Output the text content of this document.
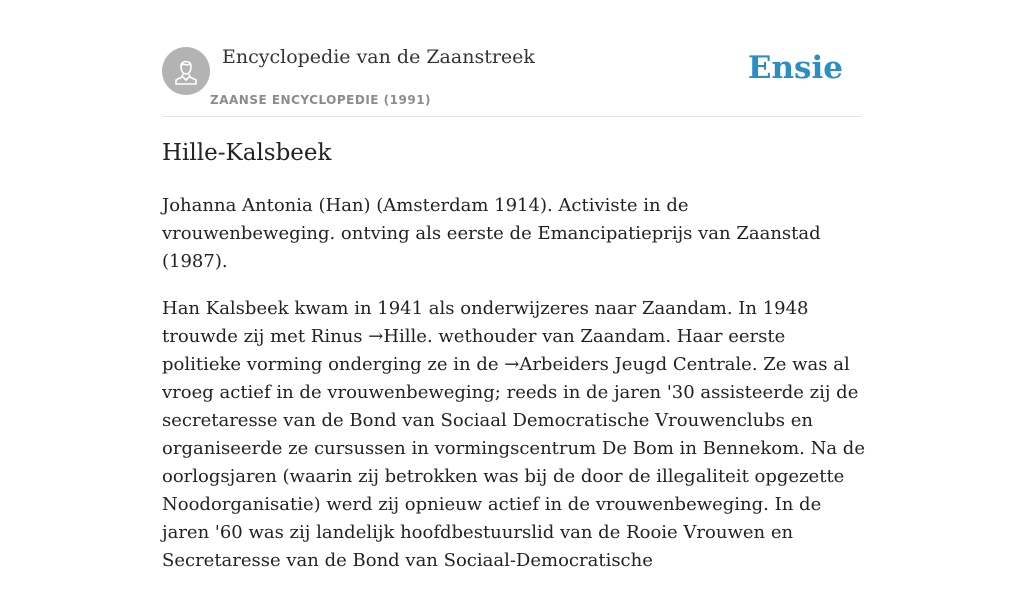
Encyclopedie van de Zaanstreek
ZAANSE ENCYCLOPEDIE (1991)
Ensie
Hille-Kalsbeek

Johanna Antonia (Han) (Amsterdam 1914). Activiste in de vrouwenbeweging. ontving als eerste de Emancipatieprijs van Zaanstad (1987).

Han Kalsbeek kwam in 1941 als onderwijzeres naar Zaandam. In 1948 trouwde zij met Rinus →Hille. wethouder van Zaandam. Haar eerste politieke vorming onderging ze in de →Arbeiders Jeugd Centrale. Ze was al vroeg actief in de vrouwenbeweging; reeds in de jaren '30 assisteerde zij de secretaresse van de Bond van Sociaal Democratische Vrouwenclubs en organiseerde ze cursussen in vormingscentrum De Bom in Bennekom. Na de oorlogsjaren (waarin zij betrokken was bij de door de illegaliteit opgezette Noodorganisatie) werd zij opnieuw actief in de vrouwenbeweging. In de jaren '60 was zij landelijk hoofdbestuurslid van de Rooie Vrouwen en Secretaresse van de Bond van Sociaal-Democratische
